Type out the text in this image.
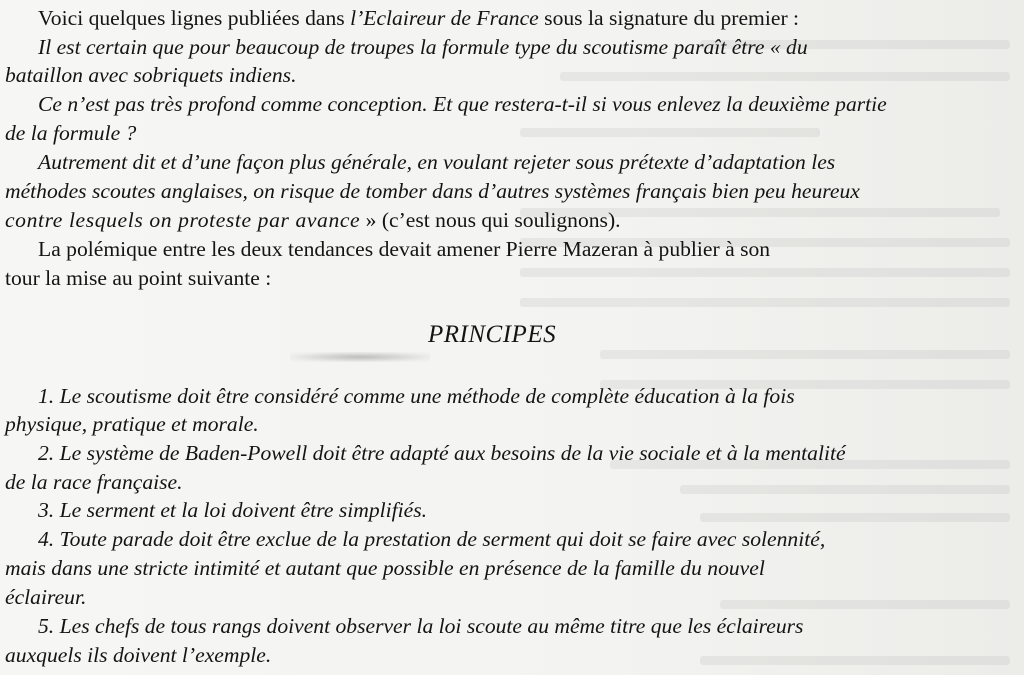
Voici quelques lignes publiées dans l’Eclaireur de France sous la signature du premier :
Il est certain que pour beaucoup de troupes la formule type du scoutisme paraît être « du
bataillon avec sobriquets indiens.
Ce n’est pas très profond comme conception. Et que restera-t-il si vous enlevez la deuxième partie
de la formule ?
Autrement dit et d’une façon plus générale, en voulant rejeter sous prétexte d’adaptation les
méthodes scoutes anglaises, on risque de tomber dans d’autres systèmes français bien peu heureux
contre lesquels on proteste par avance » (c’est nous qui soulignons).
La polémique entre les deux tendances devait amener Pierre Mazeran à publier à son
tour la mise au point suivante :
PRINCIPES
1. Le scoutisme doit être considéré comme une méthode de complète éducation à la fois
physique, pratique et morale.
2. Le système de Baden-Powell doit être adapté aux besoins de la vie sociale et à la mentalité
de la race française.
3. Le serment et la loi doivent être simplifiés.
4. Toute parade doit être exclue de la prestation de serment qui doit se faire avec solennité,
mais dans une stricte intimité et autant que possible en présence de la famille du nouvel
éclaireur.
5. Les chefs de tous rangs doivent observer la loi scoute au même titre que les éclaireurs
auxquels ils doivent l’exemple.
